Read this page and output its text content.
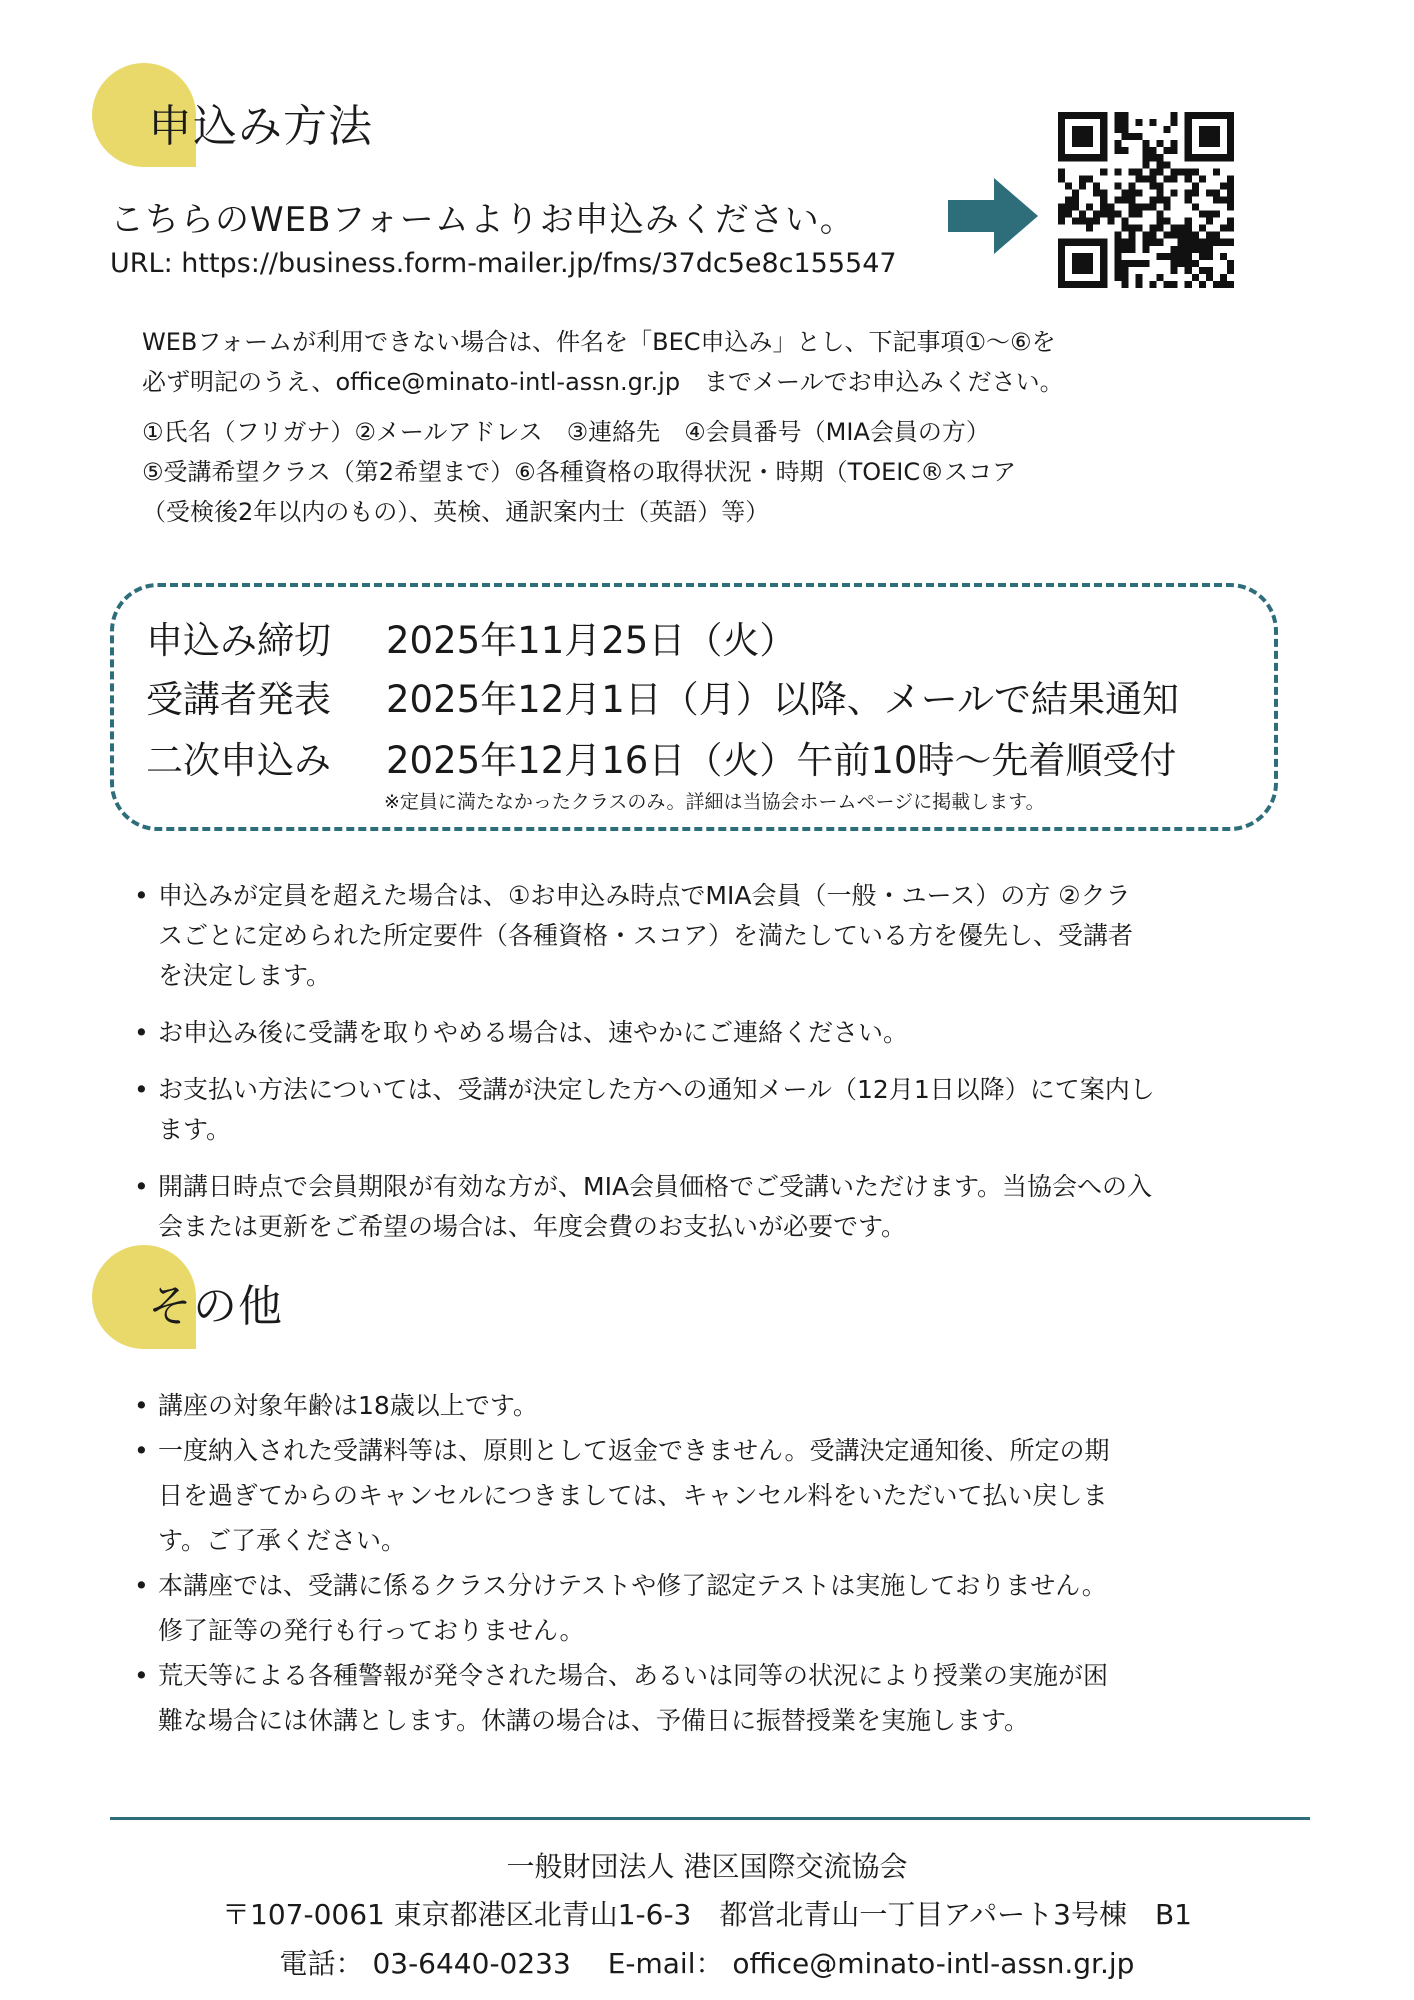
申込み方法
こちらのWEBフォームよりお申込みください。
URL: https://business.form-mailer.jp/fms/37dc5e8c155547
WEBフォームが利用できない場合は、件名を「BEC申込み」とし、下記事項①～⑥を
必ず明記のうえ、office@minato-intl-assn.gr.jp　までメールでお申込みください。
①氏名（フリガナ）②メールアドレス　③連絡先　④会員番号（MIA会員の方）
⑤受講希望クラス（第2希望まで）⑥各種資格の取得状況・時期（TOEIC®スコア
（受検後2年以内のもの）、英検、通訳案内士（英語）等）
申込み締切 2025年11月25日（火）
受講者発表 2025年12月1日（月）以降、メールで結果通知
二次申込み 2025年12月16日（火）午前10時～先着順受付
※定員に満たなかったクラスのみ。詳細は当協会ホームページに掲載します。
• 申込みが定員を超えた場合は、①お申込み時点でMIA会員（一般・ユース）の方 ②クラ
スごとに定められた所定要件（各種資格・スコア）を満たしている方を優先し、受講者
を決定します。
• お申込み後に受講を取りやめる場合は、速やかにご連絡ください。
• お支払い方法については、受講が決定した方への通知メール（12月1日以降）にて案内し
ます。
• 開講日時点で会員期限が有効な方が、MIA会員価格でご受講いただけます。当協会への入
会または更新をご希望の場合は、年度会費のお支払いが必要です。
その他
• 講座の対象年齢は18歳以上です。
• 一度納入された受講料等は、原則として返金できません。受講決定通知後、所定の期
日を過ぎてからのキャンセルにつきましては、キャンセル料をいただいて払い戻しま
す。ご了承ください。
• 本講座では、受講に係るクラス分けテストや修了認定テストは実施しておりません。
修了証等の発行も行っておりません。
• 荒天等による各種警報が発令された場合、あるいは同等の状況により授業の実施が困
難な場合には休講とします。休講の場合は、予備日に振替授業を実施します。
一般財団法人 港区国際交流協会
〒107-0061 東京都港区北青山1-6-3　都営北青山一丁目アパート3号棟　B1
電話： 03-6440-0233　 E-mail： office@minato-intl-assn.gr.jp
